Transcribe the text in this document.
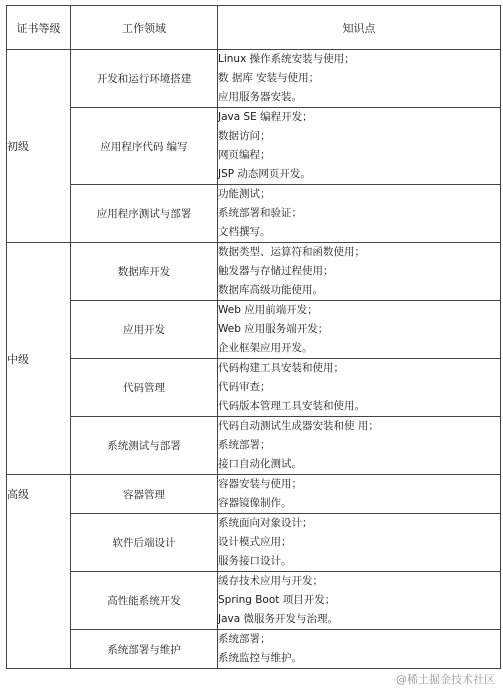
证书等级	工作领域	知识点
初级	开发和运行环境搭建	Linux 操作系统安装与使用；
数 据库 安装与使用；
应用服务器安装。

	应用程序代码 编写	Java SE 编程开发；
数据访问；
网页编程；
JSP 动态网页开发。

	应用程序测试与部署	功能测试；
系统部署和验证；
文档撰写。

中级	数据库开发	数据类型、运算符和函数使用；
触发器与存储过程使用；
数据库高级功能使用。

	应用开发	Web 应用前端开发；
Web 应用服务端开发；
企业框架应用开发。

	代码管理	代码构建工具安装和使用；
代码审查；
代码版本管理工具安装和使用。

	系统测试与部署	代码自动测试生成器安装和使 用；
系统部署；
接口自动化测试。

高级	容器管理	容器安装与使用；
容器镜像制作。

	软件后端设计	系统面向对象设计；
设计模式应用；
服务接口设计。

	高性能系统开发	缓存技术应用与开发；
Spring Boot 项目开发；
Java 微服务开发与治理。

	系统部署与维护	系统部署；
系统监控与维护。
@稀土掘金技术社区
